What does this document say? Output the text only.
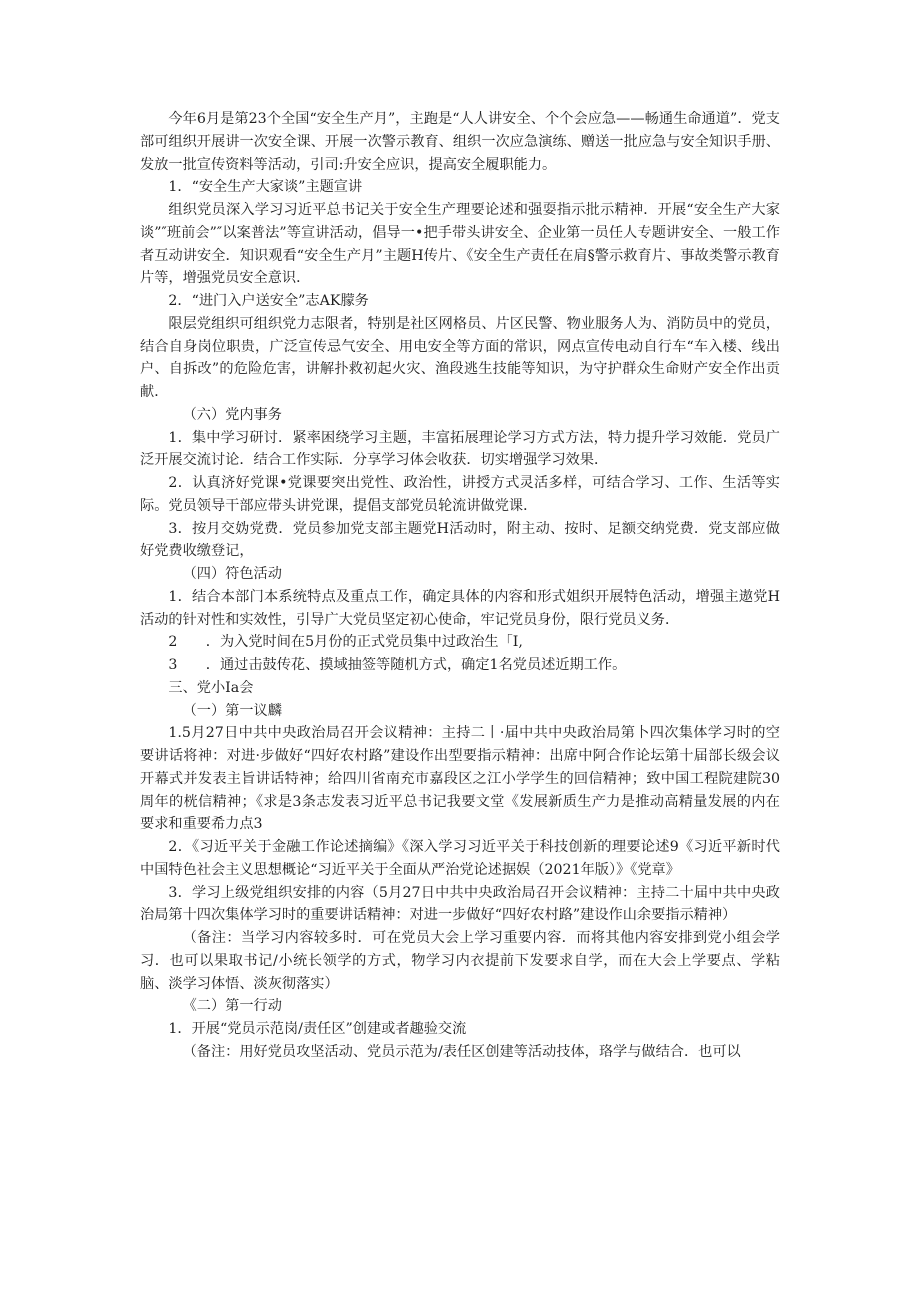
今年6月是第23个全国“安全生产月”，主跑是“人人讲安全、个个会应急——畅通生命通道”．党支部可组织开展讲一次安全课、开展一次警示教育、组织一次应急演练、赠送一批应急与安全知识手册、发放一批宣传资料等活动，引司:升安全应识，提高安全履职能力。

1．“安全生产大家谈”主题宣讲

组织党员深入学习习近平总书记关于安全生产理要论述和强耍指示批示精神．开展“安全生产大家谈”″班前会”″以案普法”等宣讲活动，倡导一•把手带头讲安全、企业第一员任人专题讲安全、一般工作者互动讲安全．知识观看“安全生产月”主题H传片、《安全生产责任在肩§警示救育片、事故类警示教育片等，增强党员安全意识．

2．“进门入户送安全”志AK朦务

限层党组织可组织党力志限者，特别是社区网格员、片区民警、物业服务人为、消防员中的党员，结合自身岗位职贵，广泛宣传忌气安全、用电安全等方面的常识，网点宣传电动自行车“车入楼、线出户、自拆改”的危险危害，讲解扑救初起火灾、渔段逃生技能等知识，为守护群众生命财产安全作出贡献．

（六）党内事务

1．集中学习研讨．紧率困绕学习主题，丰富拓展理论学习方式方法，特力提升学习效能．党员广泛开展交流讨论．结合工作实际．分享学习体会收获．切实增强学习效果．

2．认真济好党课•党课要突出党性、政治性，讲授方式灵活多样，可结合学习、工作、生活等实际。党员领导干部应带头讲党课，提倡支部党员轮流讲做党课．

3．按月交妫党费．党员参加党支部主题党H活动时，附主动、按时、足额交纳党费．党支部应做好党费收缴登记，

（四）符色活动

1．结合本部门本系统特点及重点工作，确定具体的内容和形式姐织开展特色活动，增强主遨党H活动的针对性和实效性，引导广大党员坚定初心使命，牢记党员身份，限行党员义务．

2　　．为入党时间在5月份的正式党员集中过政治生「I,

3　　．通过击鼓传花、摸域抽签等随机方式，确定1名党员述近期工作。

三、党小Ia会

（一）第一议麟

1.5月27日中共中央政治局召开会议精神：主持二丨·届中共中央政治局第卜四次集体学习时的空要讲话将神：对进·步做好“四好农村路”建设作出型要指示精神：出席中阿合作论坛第十届部长级会议开幕式并发表主旨讲话特神；给四川省南充市嘉段区之江小学学生的回信精神；致中国工程院建院30周年的桄信精神；《求是3条志发表习近平总书记我要文堂《发展新质生产力是推动高精量发展的内在要求和重要希力点3

2．《习近平关于金融工作论述摘编》《深入学习习近平关于科技创新的理要论述9《习近平新时代中国特色社会主义思想概论“习近平关于全面从严治党论述据娱（2021年版）》《党章》

3．学习上级党组织安排的内容（5月27日中共中央政治局召开会议精神：主持二十届中共中央政治局第十四次集体学习时的重要讲话精神：对进一步做好“四好农村路”建设作山余要指示精神）

（备注：当学习内容较多时．可在党员大会上学习重要内容．而将其他内容安排到党小组会学习．也可以果取书记/小统长领学的方式，物学习内衣提前下发要求自学，而在大会上学要点、学粘脑、淡学习体悟、淡灰彻落实）

《二）第一行动

1．开展“党员示范岗/责任区”创建或者趣验交流

（备注：用好党员攻坚活动、党员示范为/表任区创建等活动技体，珞学与做结合．也可以
